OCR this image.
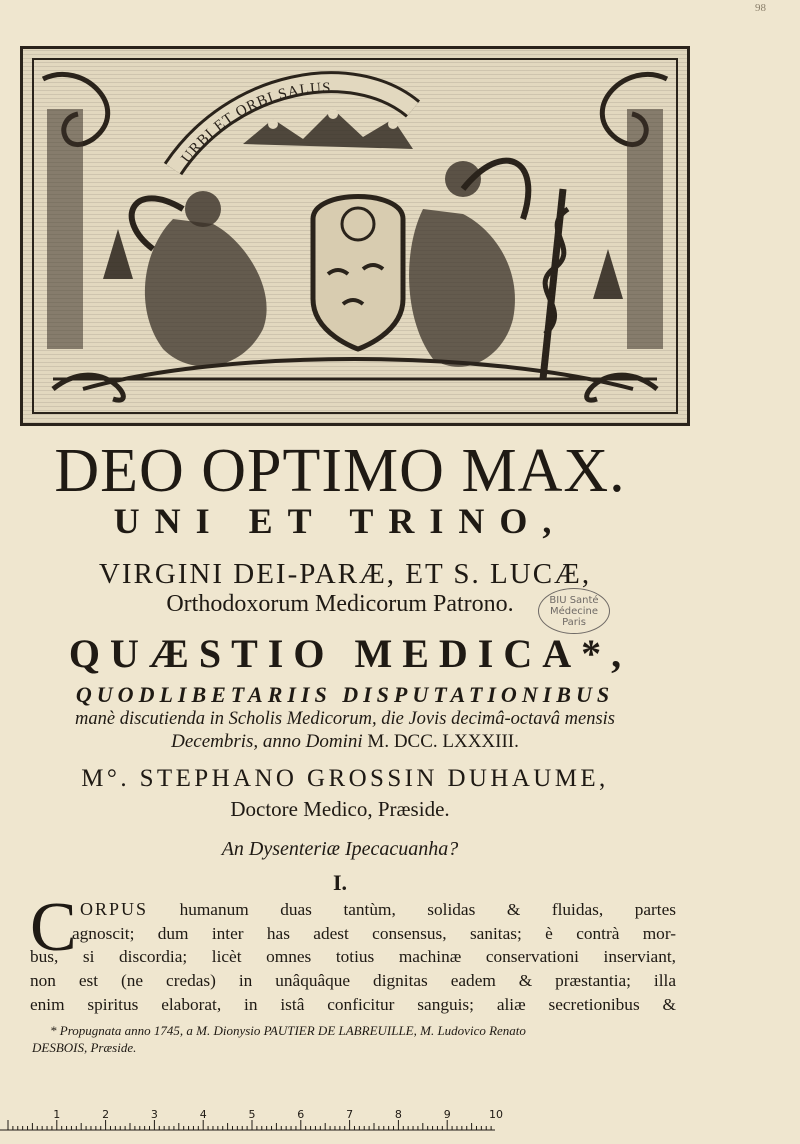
98
URBI ET ORBI SALUS
DEO OPTIMO MAX.
UNI ET TRINO,
VIRGINI DEI-PARÆ, ET S. LUCÆ,
Orthodoxorum Medicorum Patrono.	BIU Santé
Médecine
Paris
QUÆSTIO MEDICA*,
QUODLIBETARIIS DISPUTATIONIBUS
manè discutienda in Scholis Medicorum, die Jovis decimâ-octavâ mensis
Decembris, anno Domini M. DCC. LXXXIII.
M°. STEPHANO GROSSIN DUHAUME,
Doctore Medico, Præside.
An Dysenteriæ Ipecacuanha?
I.
C ORPUS humanum duas tantùm, solidas & fluidas, partes
agnoscit; dum inter has adest consensus, sanitas; è contrà mor-
bus, si discordia; licèt omnes totius machinæ conservationi inserviant,
non est (ne credas) in unâquâque dignitas eadem & præstantia; illa
enim spiritus elaborat, in istâ conficitur sanguis; aliæ secretionibus &
* Propugnata anno 1745, a M. Dionysio PAUTIER DE LABREUILLE, M. Ludovico Renato
DESBOIS, Præside.
1	2	3	4	5	6	7	8	9	10
